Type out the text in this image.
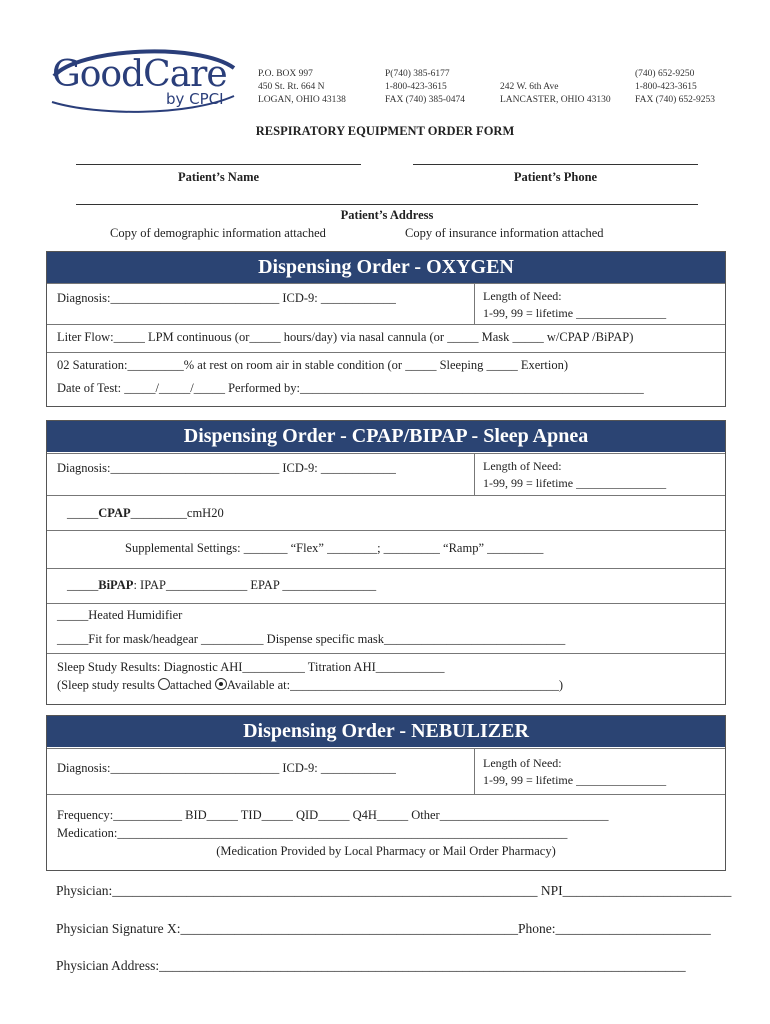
GoodCare
by CPCI
P.O. BOX 997
450 St. Rt. 664 N
LOGAN, OHIO 43138
P(740) 385-6177
1-800-423-3615
FAX (740) 385-0474
242 W. 6th Ave
LANCASTER, OHIO 43130
(740) 652-9250
1-800-423-3615
FAX (740) 652-9253
RESPIRATORY EQUIPMENT ORDER FORM
Patient’s Name	Patient’s Phone
Patient’s Address
Copy of demographic information attached	Copy of insurance information attached
Dispensing Order - OXYGEN
Diagnosis:___________________________ ICD-9: ____________	Length of Need:
1-99, 99 = lifetime _______________
Liter Flow:_____ LPM continuous (or_____ hours/day) via nasal cannula (or _____ Mask _____ w/CPAP /BiPAP)
02 Saturation:_________% at rest on room air in stable condition (or _____ Sleeping _____ Exertion)
Date of Test: _____/_____/_____ Performed by:_______________________________________________________
Dispensing Order - CPAP/BIPAP - Sleep Apnea
Diagnosis:___________________________ ICD-9: ____________	Length of Need:
1-99, 99 = lifetime _______________
_____CPAP_________cmH20
Supplemental Settings: _______ “Flex” ________; _________ “Ramp” _________
_____BiPAP: IPAP_____________ EPAP _______________
_____Heated Humidifier
_____Fit for mask/headgear __________ Dispense specific mask_____________________________
Sleep Study Results: Diagnostic AHI__________ Titration AHI___________
(Sleep study results attached Available at:___________________________________________)
Dispensing Order - NEBULIZER
Diagnosis:___________________________ ICD-9: ____________	Length of Need:
1-99, 99 = lifetime _______________
Frequency:___________ BID_____ TID_____ QID_____ Q4H_____ Other___________________________
Medication:________________________________________________________________________
(Medication Provided by Local Pharmacy or Mail Order Pharmacy)
Physician:_______________________________________________________________ NPI_________________________
Physician Signature X:__________________________________________________Phone:_______________________
Physician Address:______________________________________________________________________________
